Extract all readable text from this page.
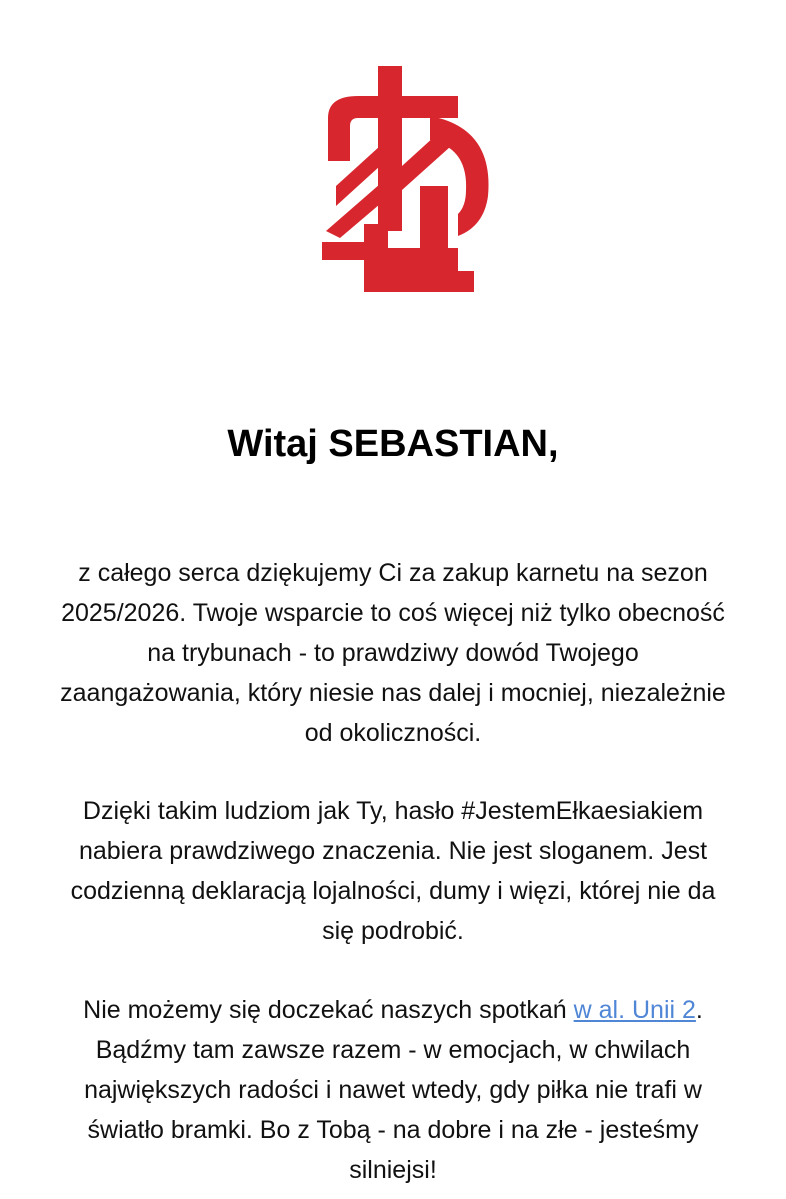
Witaj SEBASTIAN,

z całego serca dziękujemy Ci za zakup karnetu na sezon 2025/2026. Twoje wsparcie to coś więcej niż tylko obecność na trybunach - to prawdziwy dowód Twojego zaangażowania, który niesie nas dalej i mocniej, niezależnie od okoliczności.

Dzięki takim ludziom jak Ty, hasło #JestemEłkaesiakiem nabiera prawdziwego znaczenia. Nie jest sloganem. Jest codzienną deklaracją lojalności, dumy i więzi, której nie da się podrobić.

Nie możemy się doczekać naszych spotkań w al. Unii 2. Bądźmy tam zawsze razem - w emocjach, w chwilach największych radości i nawet wtedy, gdy piłka nie trafi w światło bramki. Bo z Tobą - na dobre i na złe - jesteśmy silniejsi!
